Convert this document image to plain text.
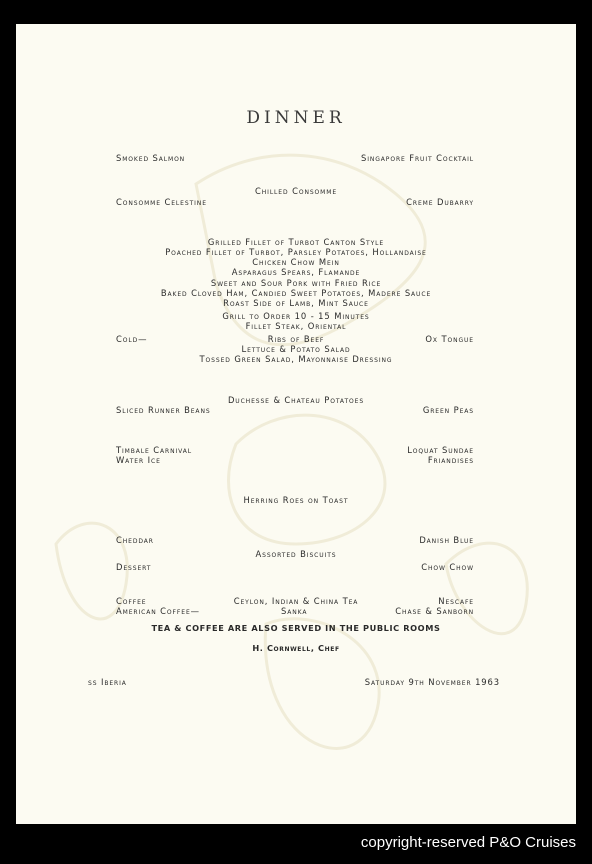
DINNER
Smoked Salmon	Singapore Fruit Cocktail
Chilled Consomme
Consomme Celestine	Creme Dubarry
Grilled Fillet of Turbot Canton Style
Poached Fillet of Turbot, Parsley Potatoes, Hollandaise
Chicken Chow Mein
Asparagus Spears, Flamande
Sweet and Sour Pork with Fried Rice
Baked Cloved Ham, Candied Sweet Potatoes, Madere Sauce
Roast Side of Lamb, Mint Sauce
Grill to Order 10 - 15 Minutes
Fillet Steak, Oriental
Cold—	Ribs of Beef	Ox Tongue
Lettuce & Potato Salad
Tossed Green Salad, Mayonnaise Dressing
Duchesse & Chateau Potatoes
Sliced Runner Beans	Green Peas
Timbale Carnival	Loquat Sundae
Water Ice	Friandises
Herring Roes on Toast
Cheddar	Danish Blue
Assorted Biscuits
Dessert	Chow Chow
Coffee	Ceylon, Indian & China Tea	Nescafe
American Coffee—	Sanka	Chase & Sanborn
TEA & COFFEE ARE ALSO SERVED IN THE PUBLIC ROOMS
H. Cornwell, Chef
ss Iberia	Saturday 9th November 1963
copyright-reserved P&O Cruises
